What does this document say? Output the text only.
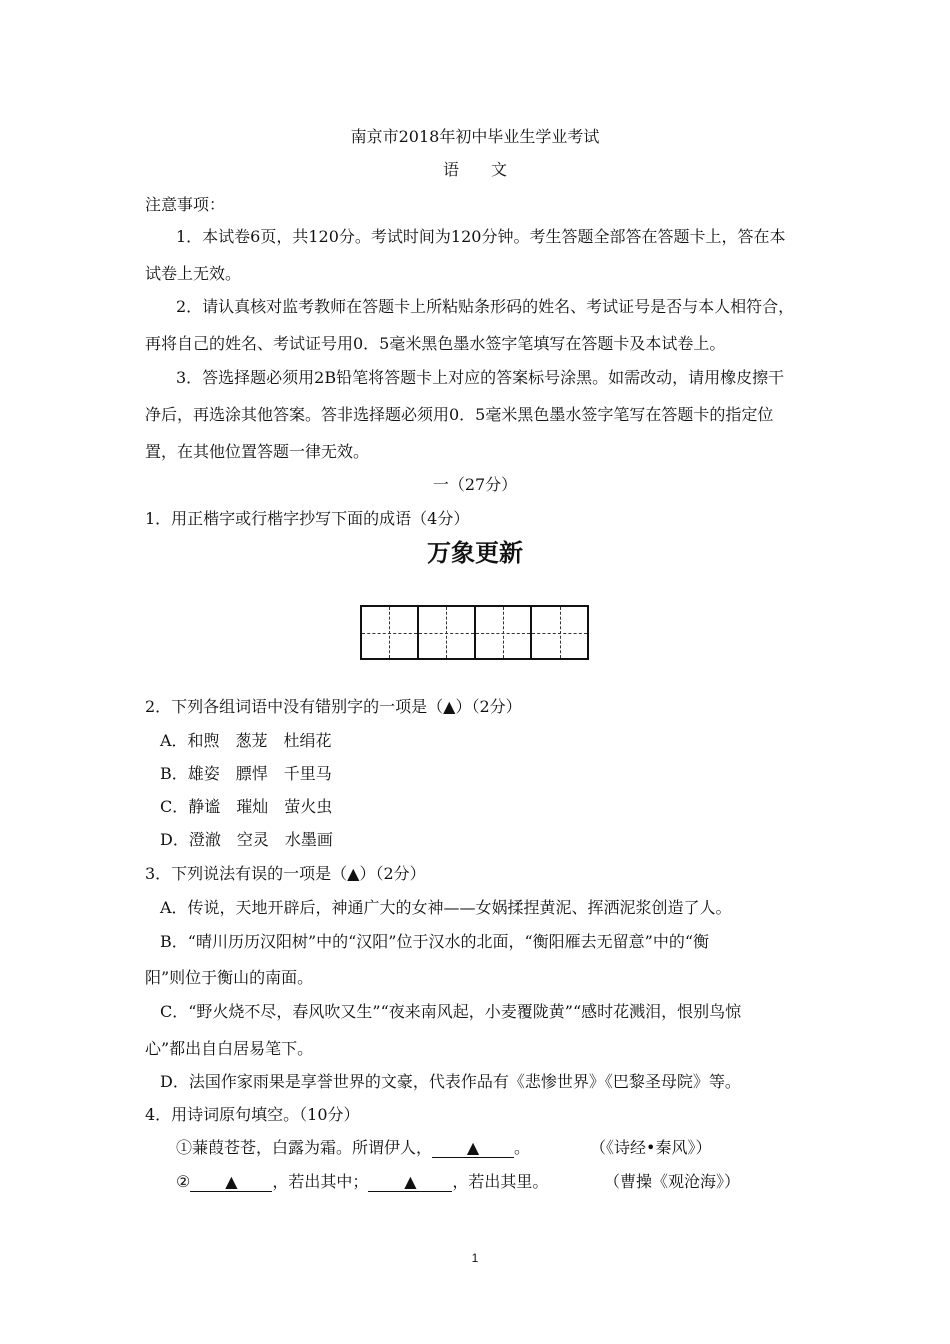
南京市2018年初中毕业生学业考试
语　　文
注意事项：
1．本试卷6页，共120分。考试时间为120分钟。考生答题全部答在答题卡上，答在本
试卷上无效。
2．请认真核对监考教师在答题卡上所粘贴条形码的姓名、考试证号是否与本人相符合，
再将自己的姓名、考试证号用0．5毫米黑色墨水签字笔填写在答题卡及本试卷上。
3．答选择题必须用2B铅笔将答题卡上对应的答案标号涂黑。如需改动，请用橡皮擦干
净后，再选涂其他答案。答非选择题必须用0．5毫米黑色墨水签字笔写在答题卡的指定位
置，在其他位置答题一律无效。
一（27分）
1．用正楷字或行楷字抄写下面的成语（4分）
万象更新
2．下列各组词语中没有错别字的一项是（▲）（2分）
A．和煦　葱茏　杜绢花
B．雄姿　膘悍　千里马
C．静谧　璀灿　萤火虫
D．澄澈　空灵　水墨画
3．下列说法有误的一项是（▲）（2分）
A．传说，天地开辟后，神通广大的女神——女娲揉捏黄泥、挥洒泥浆创造了人。
B．“晴川历历汉阳树”中的“汉阳”位于汉水的北面，“衡阳雁去无留意”中的“衡
阳”则位于衡山的南面。
C．“野火烧不尽，春风吹又生”“夜来南风起，小麦覆陇黄”“感时花溅泪，恨别鸟惊
心”都出自白居易笔下。
D．法国作家雨果是享誉世界的文豪，代表作品有《悲惨世界》《巴黎圣母院》等。
4．用诗词原句填空。（10分）
①蒹葭苍苍，白露为霜。所谓伊人， ▲ 。	（《诗经•秦风》）
② ▲ ，若出其中； ▲ ，若出其里。	（曹操《观沧海》）
1
